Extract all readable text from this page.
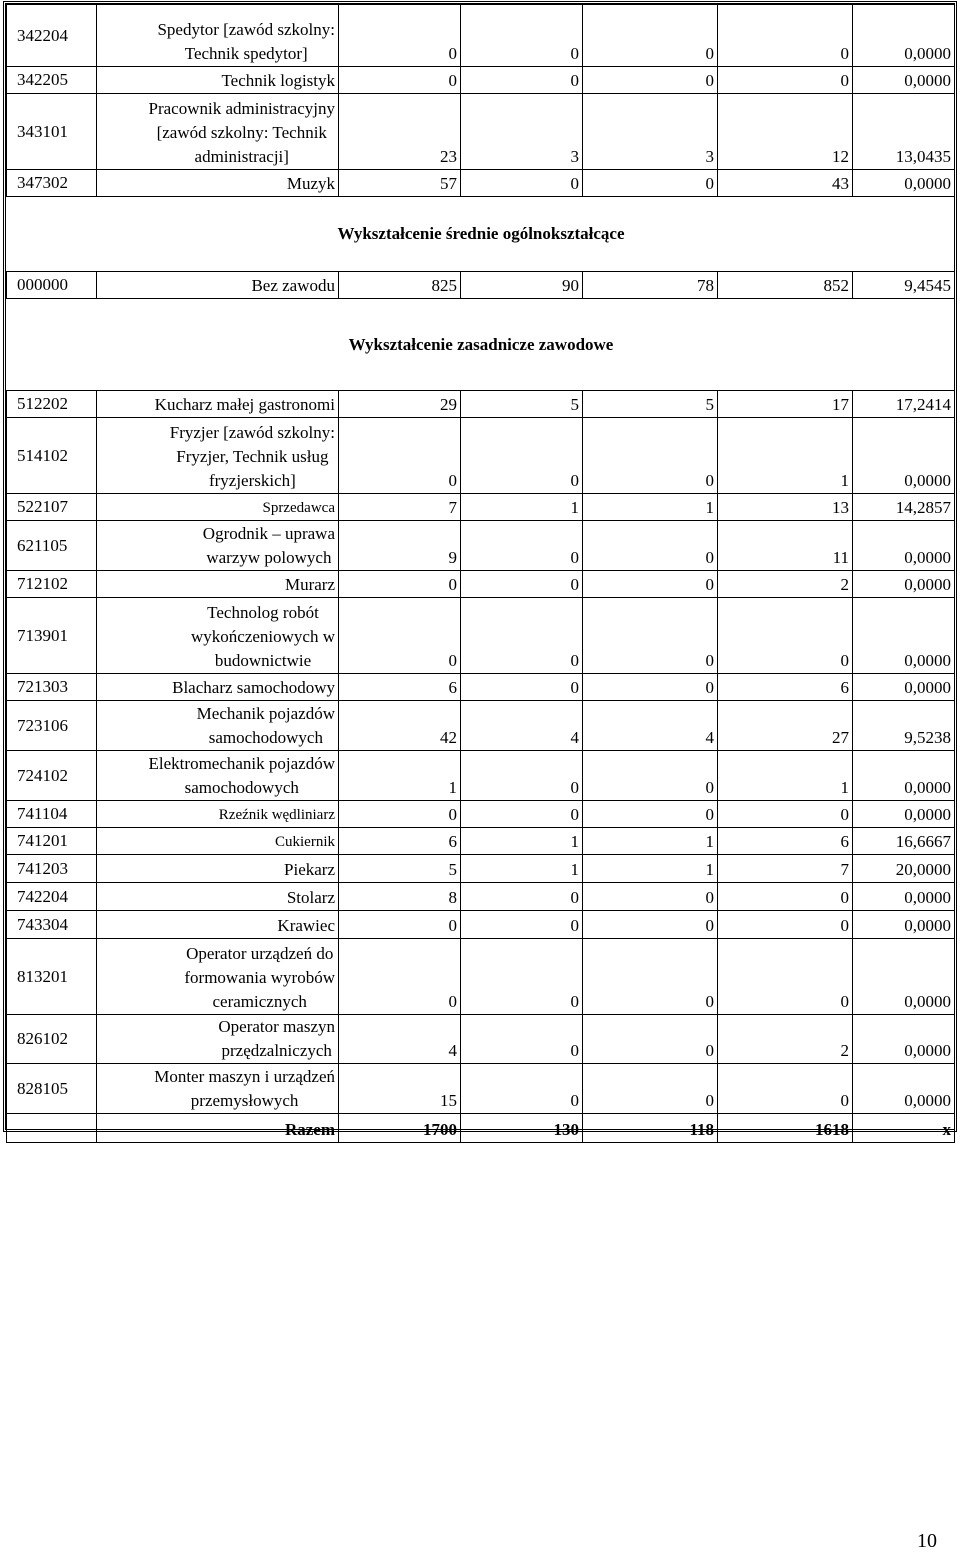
342204	Spedytor [zawód szkolny:
Technik spedytor]	0	0	0	0	0,0000
342205	Technik logistyk	0	0	0	0	0,0000
343101	Pracownik administracyjny
[zawód szkolny: Technik
administracji]	23	3	3	12	13,0435
347302	Muzyk	57	0	0	43	0,0000
Wykształcenie średnie ogólnokształcące						
000000	Bez zawodu	825	90	78	852	9,4545
Wykształcenie zasadnicze zawodowe						
512202	Kucharz małej gastronomi	29	5	5	17	17,2414
514102	Fryzjer [zawód szkolny:
Fryzjer, Technik usług
fryzjerskich]	0	0	0	1	0,0000
522107	Sprzedawca	7	1	1	13	14,2857
621105	Ogrodnik – uprawa
warzyw polowych	9	0	0	11	0,0000
712102	Murarz	0	0	0	2	0,0000
713901	Technolog robót
wykończeniowych w
budownictwie	0	0	0	0	0,0000
721303	Blacharz samochodowy	6	0	0	6	0,0000
723106	Mechanik pojazdów
samochodowych	42	4	4	27	9,5238
724102	Elektromechanik pojazdów
samochodowych	1	0	0	1	0,0000
741104	Rzeźnik wędliniarz	0	0	0	0	0,0000
741201	Cukiernik	6	1	1	6	16,6667
741203	Piekarz	5	1	1	7	20,0000
742204	Stolarz	8	0	0	0	0,0000
743304	Krawiec	0	0	0	0	0,0000
813201	Operator urządzeń do
formowania wyrobów
ceramicznych	0	0	0	0	0,0000
826102	Operator maszyn
przędzalniczych	4	0	0	2	0,0000
828105	Monter maszyn i urządzeń
przemysłowych	15	0	0	0	0,0000

	Razem	1700	130	118	1618	x
10
